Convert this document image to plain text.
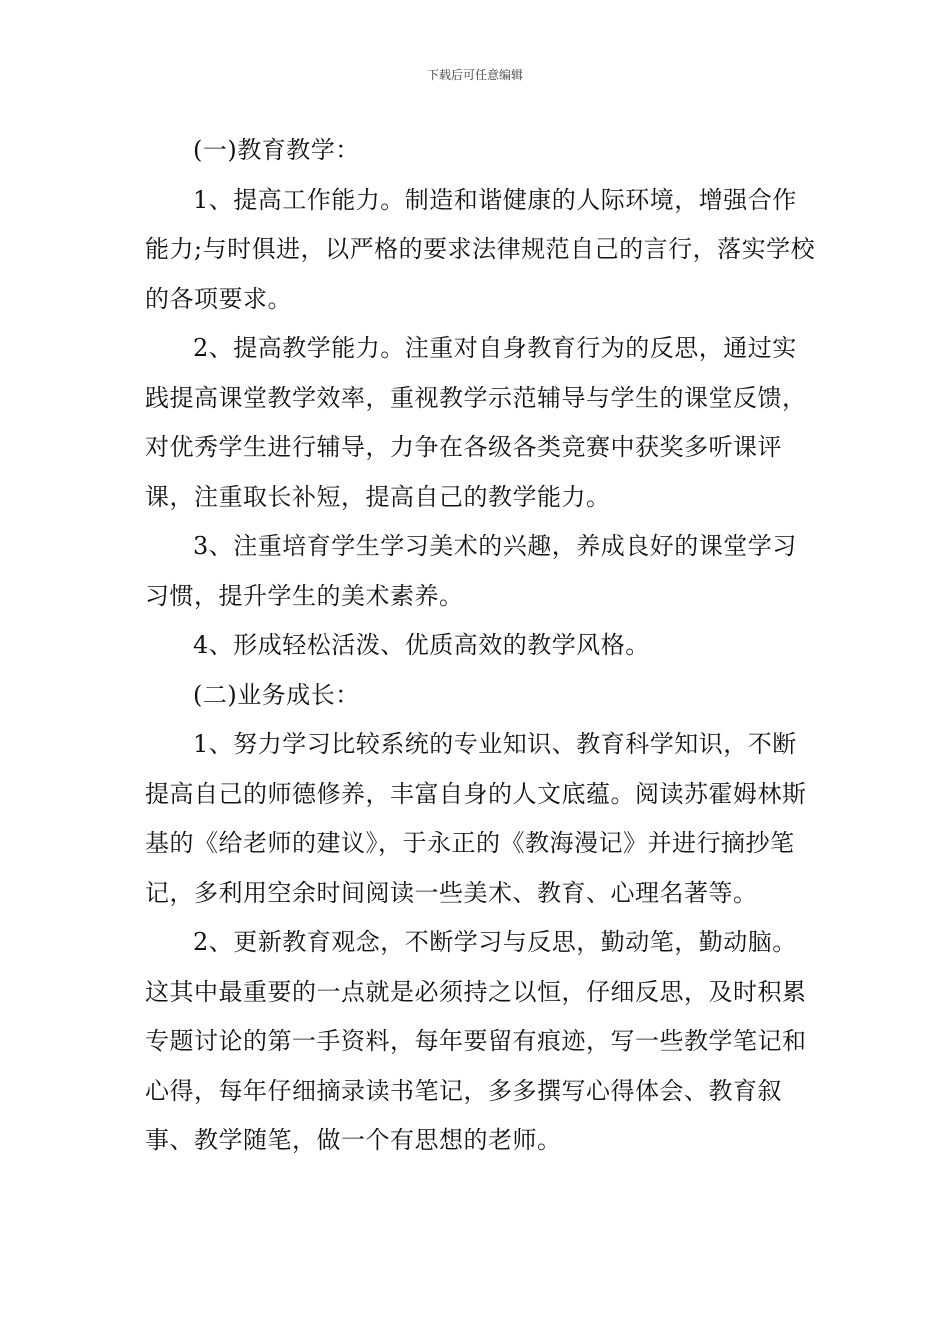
下载后可任意编辑

(一)教育教学：

1、提高工作能力。制造和谐健康的人际环境，增强合作能力;与时俱进，以严格的要求法律规范自己的言行，落实学校的各项要求。

2、提高教学能力。注重对自身教育行为的反思，通过实践提高课堂教学效率，重视教学示范辅导与学生的课堂反馈，对优秀学生进行辅导，力争在各级各类竞赛中获奖多听课评课，注重取长补短，提高自己的教学能力。

3、注重培育学生学习美术的兴趣，养成良好的课堂学习习惯，提升学生的美术素养。

4、形成轻松活泼、优质高效的教学风格。

(二)业务成长：

1、努力学习比较系统的专业知识、教育科学知识，不断提高自己的师德修养，丰富自身的人文底蕴。阅读苏霍姆林斯基的《给老师的建议》，于永正的《教海漫记》并进行摘抄笔记，多利用空余时间阅读一些美术、教育、心理名著等。

2、更新教育观念，不断学习与反思，勤动笔，勤动脑。这其中最重要的一点就是必须持之以恒，仔细反思，及时积累专题讨论的第一手资料，每年要留有痕迹，写一些教学笔记和心得，每年仔细摘录读书笔记，多多撰写心得体会、教育叙事、教学随笔，做一个有思想的老师。
